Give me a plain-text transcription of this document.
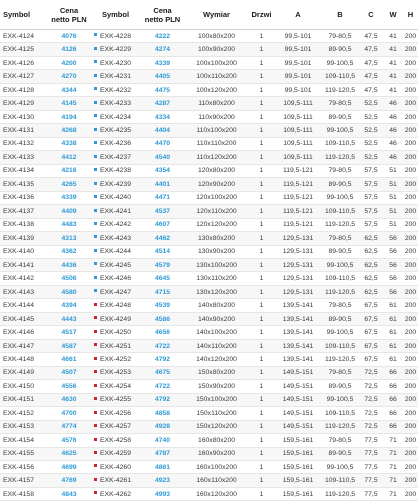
Symbol	Cena
netto PLN	Symbol	Cena
netto PLN	Wymiar	Drzwi	A	B	C	W	H
EXK-4124	4076	EXK-4228	4222	100x80x200	1	99,5-101	79-80,5	47,5	41	200
EXK-4125	4126	EXK-4229	4274	100x90x200	1	99,5-101	89-90,5	47,5	41	200
EXK-4126	4200	EXK-4230	4339	100x100x200	1	99,5-101	99-100,5	47,5	41	200
EXK-4127	4270	EXK-4231	4405	100x110x200	1	99,5-101	109-110,5	47,5	41	200
EXK-4128	4344	EXK-4232	4475	100x120x200	1	99,5-101	119-120,5	47,5	41	200
EXK-4129	4145	EXK-4233	4287	110x80x200	1	109,5-111	79-80,5	52,5	46	200
EXK-4130	4194	EXK-4234	4334	110x90x200	1	109,5-111	89-90,5	52,5	46	200
EXK-4131	4268	EXK-4235	4404	110x100x200	1	109,5-111	99-100,5	52,5	46	200
EXK-4132	4338	EXK-4236	4470	110x110x200	1	109,5-111	109-110,5	52,5	46	200
EXK-4133	4412	EXK-4237	4540	110x120x200	1	109,5-111	119-120,5	52,5	46	200
EXK-4134	4216	EXK-4238	4354	120x80x200	1	119,5-121	79-80,5	57,5	51	200
EXK-4135	4265	EXK-4239	4401	120x90x200	1	119,5-121	89-90,5	57,5	51	200
EXK-4136	4339	EXK-4240	4471	120x100x200	1	119,5-121	99-100,5	57,5	51	200
EXK-4137	4409	EXK-4241	4537	120x110x200	1	119,5-121	109-110,5	57,5	51	200
EXK-4138	4483	EXK-4242	4607	120x120x200	1	119,5-121	119-120,5	57,5	51	200
EXK-4139	4313	EXK-4243	4462	130x80x200	1	129,5-131	79-80,5	62,5	56	200
EXK-4140	4362	EXK-4244	4514	130x90x200	1	129,5-131	89-90,5	62,5	56	200
EXK-4141	4436	EXK-4245	4579	130x100x200	1	129,5-131	99-100,5	62,5	56	200
EXK-4142	4506	EXK-4246	4645	130x110x200	1	129,5-131	109-110,5	62,5	56	200
EXK-4143	4580	EXK-4247	4715	130x120x200	1	129,5-131	119-120,5	62,5	56	200
EXK-4144	4394	EXK-4248	4539	140x80x200	1	139,5-141	79-80,5	67,5	61	200
EXK-4145	4443	EXK-4249	4586	140x90x200	1	139,5-141	89-90,5	67,5	61	200
EXK-4146	4517	EXK-4250	4656	140x100x200	1	139,5-141	99-100,5	67,5	61	200
EXK-4147	4587	EXK-4251	4722	140x110x200	1	139,5-141	109-110,5	67,5	61	200
EXK-4148	4661	EXK-4252	4792	140x120x200	1	139,5-141	119-120,5	67,5	61	200
EXK-4149	4507	EXK-4253	4675	150x80x200	1	149,5-151	79-80,5	72,5	66	200
EXK-4150	4556	EXK-4254	4722	150x90x200	1	149,5-151	89-90,5	72,5	66	200
EXK-4151	4630	EXK-4255	4792	150x100x200	1	149,5-151	99-100,5	72,5	66	200
EXK-4152	4700	EXK-4256	4858	150x110x200	1	149,5-151	109-110,5	72,5	66	200
EXK-4153	4774	EXK-4257	4928	150x120x200	1	149,5-151	119-120,5	72,5	66	200
EXK-4154	4576	EXK-4258	4740	160x80x200	1	159,5-161	79-80,5	77,5	71	200
EXK-4155	4625	EXK-4259	4787	160x90x200	1	159,5-161	89-90,5	77,5	71	200
EXK-4156	4699	EXK-4260	4861	160x100x200	1	159,5-161	99-100,5	77,5	71	200
EXK-4157	4769	EXK-4261	4923	160x110x200	1	159,5-161	109-110,5	77,5	71	200
EXK-4158	4843	EXK-4262	4993	160x120x200	1	159,5-161	119-120,5	77,5	71	200
